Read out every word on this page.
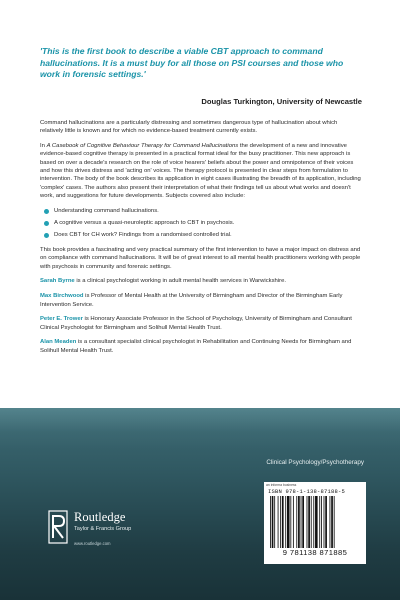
'This is the first book to describe a viable CBT approach to command hallucinations. It is a must buy for all those on PSI courses and those who work in forensic settings.'
Douglas Turkington, University of Newcastle

Command hallucinations are a particularly distressing and sometimes dangerous type of hallucination about which relatively little is known and for which no evidence-based treatment currently exists.

In A Casebook of Cognitive Behaviour Therapy for Command Hallucinations the development of a new and innovative evidence-based cognitive therapy is presented in a practical format ideal for the busy practitioner. This new approach is based on over a decade's research on the role of voice hearers' beliefs about the power and omnipotence of their voices and how this drives distress and 'acting on' voices. The therapy protocol is presented in clear steps from formulation to intervention. The body of the book describes its application in eight cases illustrating the breadth of its application, including 'complex' cases. The authors also present their interpretation of what their findings tell us about what works and doesn't work, and suggestions for future developments. Subjects covered also include:

Understanding command hallucinations.
A cognitive versus a quasi-neuroleptic approach to CBT in psychosis.
Does CBT for CH work? Findings from a randomised controlled trial.

This book provides a fascinating and very practical summary of the first intervention to have a major impact on distress and on compliance with command hallucinations. It will be of great interest to all mental health practitioners working with people with psychosis in community and forensic settings.

Sarah Byrne is a clinical psychologist working in adult mental health services in Warwickshire.

Max Birchwood is Professor of Mental Health at the University of Birmingham and Director of the Birmingham Early Intervention Service.

Peter E. Trower is Honorary Associate Professor in the School of Psychology, University of Birmingham and Consultant Clinical Psychologist for Birmingham and Solihull Mental Health Trust.

Alan Meaden is a consultant specialist clinical psychologist in Rehabilitation and Continuing Needs for Birmingham and Solihull Mental Health Trust.

Clinical Psychology/Psychotherapy
an informa business
ISBN 978-1-138-87188-5
9 781138 871885
Routledge
Taylor & Francis Group
www.routledge.com
